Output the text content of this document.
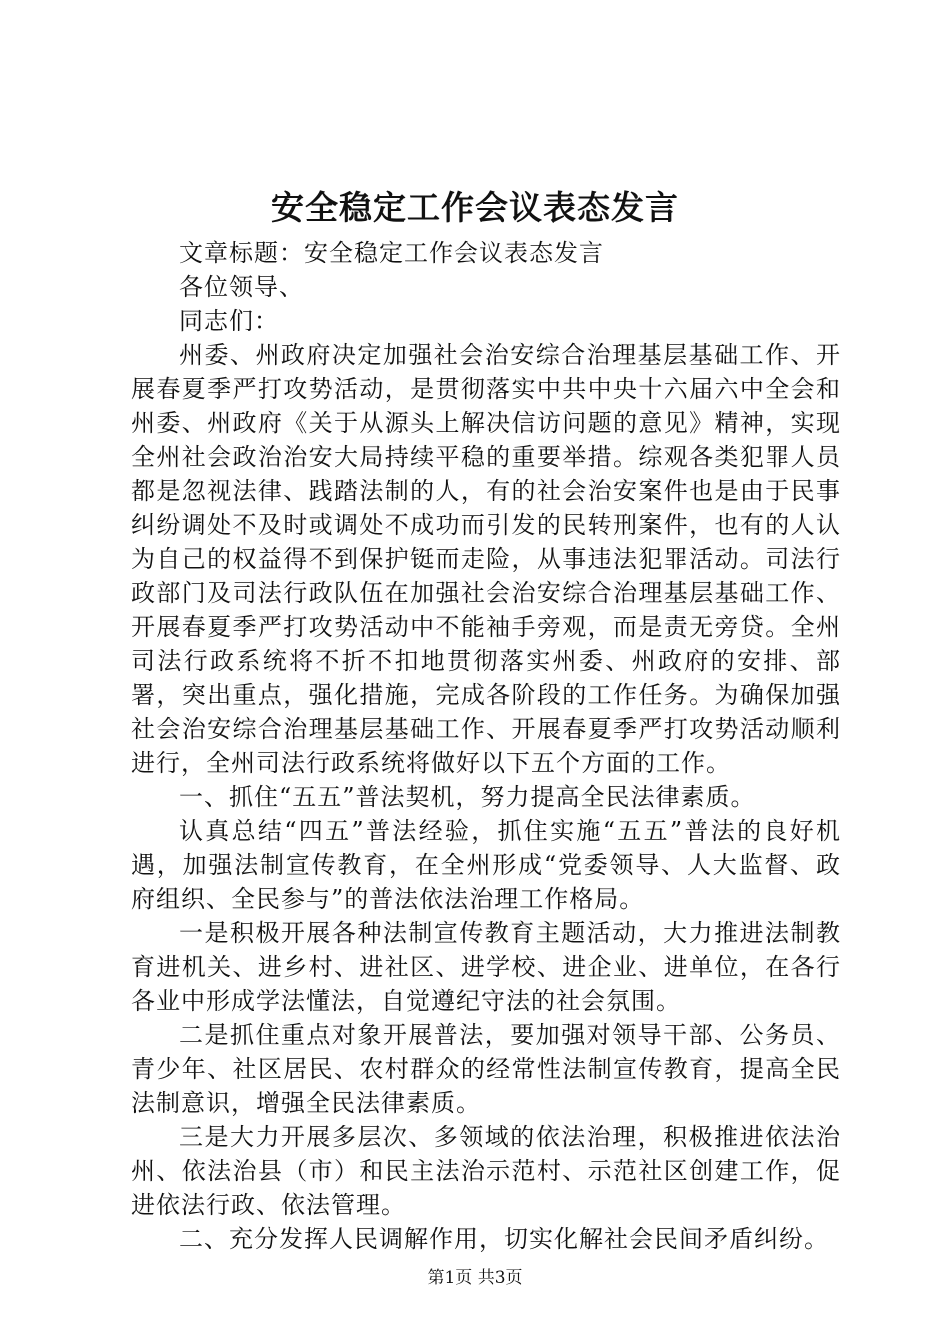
安全稳定工作会议表态发言

文章标题：安全稳定工作会议表态发言

各位领导、

同志们：

州委、州政府决定加强社会治安综合治理基层基础工作、开展春夏季严打攻势活动，是贯彻落实中共中央十六届六中全会和州委、州政府《关于从源头上解决信访问题的意见》精神，实现全州社会政治治安大局持续平稳的重要举措。综观各类犯罪人员都是忽视法律、践踏法制的人，有的社会治安案件也是由于民事纠纷调处不及时或调处不成功而引发的民转刑案件，也有的人认为自己的权益得不到保护铤而走险，从事违法犯罪活动。司法行政部门及司法行政队伍在加强社会治安综合治理基层基础工作、开展春夏季严打攻势活动中不能袖手旁观，而是责无旁贷。全州司法行政系统将不折不扣地贯彻落实州委、州政府的安排、部署，突出重点，强化措施，完成各阶段的工作任务。为确保加强社会治安综合治理基层基础工作、开展春夏季严打攻势活动顺利进行，全州司法行政系统将做好以下五个方面的工作。

一、抓住“五五”普法契机，努力提高全民法律素质。

认真总结“四五”普法经验，抓住实施“五五”普法的良好机遇，加强法制宣传教育，在全州形成“党委领导、人大监督、政府组织、全民参与”的普法依法治理工作格局。

一是积极开展各种法制宣传教育主题活动，大力推进法制教育进机关、进乡村、进社区、进学校、进企业、进单位，在各行各业中形成学法懂法，自觉遵纪守法的社会氛围。

二是抓住重点对象开展普法，要加强对领导干部、公务员、青少年、社区居民、农村群众的经常性法制宣传教育，提高全民法制意识，增强全民法律素质。

三是大力开展多层次、多领域的依法治理，积极推进依法治州、依法治县（市）和民主法治示范村、示范社区创建工作，促进依法行政、依法管理。

二、充分发挥人民调解作用，切实化解社会民间矛盾纠纷。

第1页 共3页
